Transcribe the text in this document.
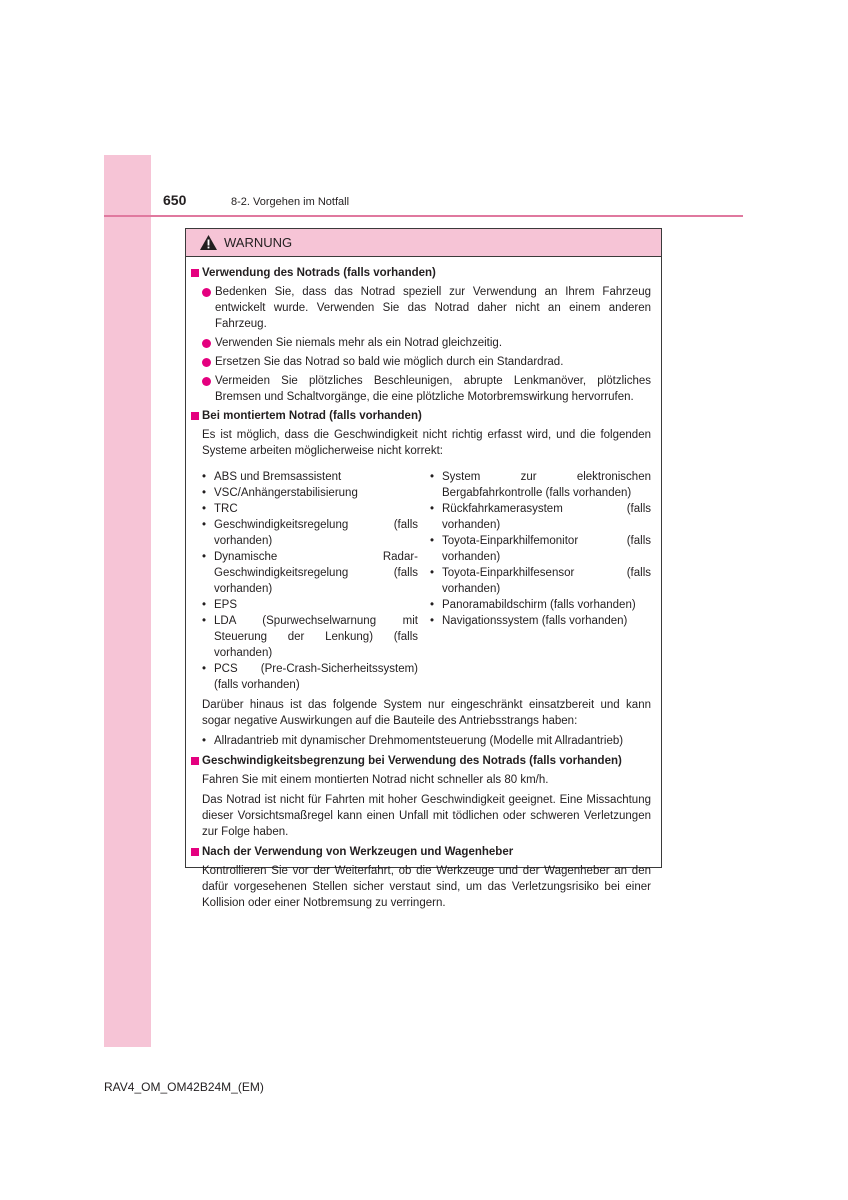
650	8-2. Vorgehen im Notfall
WARNUNG
Verwendung des Notrads (falls vorhanden)
Bedenken Sie, dass das Notrad speziell zur Verwendung an Ihrem Fahrzeug entwickelt wurde. Verwenden Sie das Notrad daher nicht an einem anderen Fahrzeug.
Verwenden Sie niemals mehr als ein Notrad gleichzeitig.
Ersetzen Sie das Notrad so bald wie möglich durch ein Standardrad.
Vermeiden Sie plötzliches Beschleunigen, abrupte Lenkmanöver, plötzliches Bremsen und Schaltvorgänge, die eine plötzliche Motorbremswirkung hervorrufen.
Bei montiertem Notrad (falls vorhanden)
Es ist möglich, dass die Geschwindigkeit nicht richtig erfasst wird, und die folgenden Systeme arbeiten möglicherweise nicht korrekt:
• ABS und Bremsassistent
• VSC/Anhängerstabilisierung
• TRC
• Geschwindigkeitsregelung (falls vorhanden)
• Dynamische Radar-Geschwindigkeitsregelung (falls vorhanden)
• EPS
• LDA (Spurwechselwarnung mit Steuerung der Lenkung) (falls vorhanden)
• PCS (Pre-Crash-Sicherheitssystem) (falls vorhanden)
• System zur elektronischen Bergabfahrkontrolle (falls vorhanden)
• Rückfahrkamerasystem (falls vorhanden)
• Toyota-Einparkhilfemonitor (falls vorhanden)
• Toyota-Einparkhilfesensor (falls vorhanden)
• Panoramabildschirm (falls vorhanden)
• Navigationssystem (falls vorhanden)
Darüber hinaus ist das folgende System nur eingeschränkt einsatzbereit und kann sogar negative Auswirkungen auf die Bauteile des Antriebsstrangs haben:
• Allradantrieb mit dynamischer Drehmomentsteuerung (Modelle mit Allradantrieb)
Geschwindigkeitsbegrenzung bei Verwendung des Notrads (falls vorhanden)
Fahren Sie mit einem montierten Notrad nicht schneller als 80 km/h.
Das Notrad ist nicht für Fahrten mit hoher Geschwindigkeit geeignet. Eine Missachtung dieser Vorsichtsmaßregel kann einen Unfall mit tödlichen oder schweren Verletzungen zur Folge haben.
Nach der Verwendung von Werkzeugen und Wagenheber
Kontrollieren Sie vor der Weiterfahrt, ob die Werkzeuge und der Wagenheber an den dafür vorgesehenen Stellen sicher verstaut sind, um das Verletzungsrisiko bei einer Kollision oder einer Notbremsung zu verringern.
RAV4_OM_OM42B24M_(EM)
